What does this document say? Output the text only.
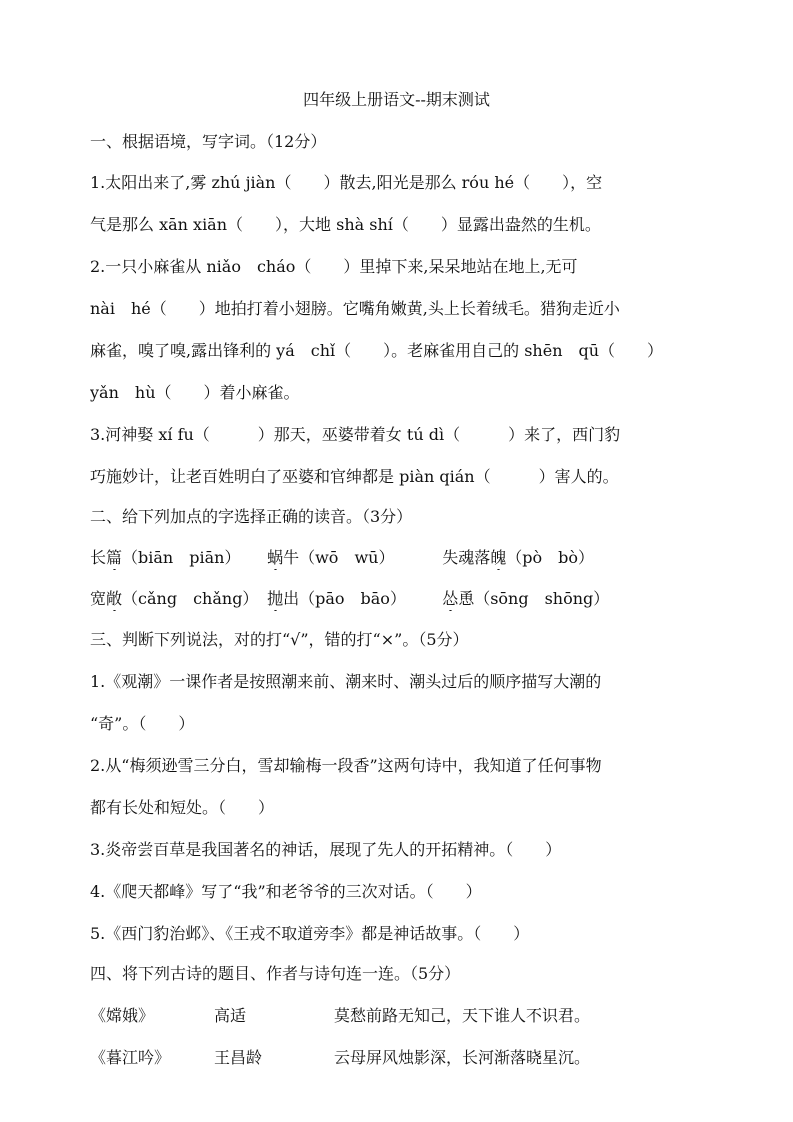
四年级上册语文--期末测试
一、根据语境，写字词。（12分）
1.太阳出来了,雾 zhú jiàn（　　）散去,阳光是那么 róu hé（　　），空
气是那么 xān xiān（　　），大地 shà shí（　　）显露出盎然的生机。
2.一只小麻雀从 niǎo　cháo（　　）里掉下来,呆呆地站在地上,无可
nài　hé（　　）地拍打着小翅膀。它嘴角嫩黄,头上长着绒毛。猎狗走近小
麻雀，嗅了嗅,露出锋利的 yá　chǐ（　　）。老麻雀用自己的 shēn　qū（　　）
yǎn　hù（　　）着小麻雀。
3.河神娶 xí fu（　　　）那天，巫婆带着女 tú dì（　　　）来了，西门豹
巧施妙计，让老百姓明白了巫婆和官绅都是 piàn qián（　　　）害人的。
二、给下列加点的字选择正确的读音。（3分）
长篇（biān　piān） 蜗牛（wō　wū）	失魂落魄（pò　bò）
宽敞（cǎng　chǎng） 抛出（pāo　bāo） 怂恿（sōng　shōng）
三、判断下列说法，对的打“√”，错的打“×”。（5分）
1.《观潮》一课作者是按照潮来前、潮来时、潮头过后的顺序描写大潮的
“奇”。（　　）
2.从“梅须逊雪三分白，雪却输梅一段香”这两句诗中，我知道了任何事物
都有长处和短处。（　　）
3.炎帝尝百草是我国著名的神话，展现了先人的开拓精神。（　　）
4.《爬天都峰》写了“我”和老爷爷的三次对话。（　　）
5.《西门豹治邺》、《王戎不取道旁李》都是神话故事。（　　）
四、将下列古诗的题目、作者与诗句连一连。（5分）
《嫦娥》	高适	莫愁前路无知己，天下谁人不识君。
《暮江吟》	王昌龄	云母屏风烛影深，长河渐落晓星沉。
